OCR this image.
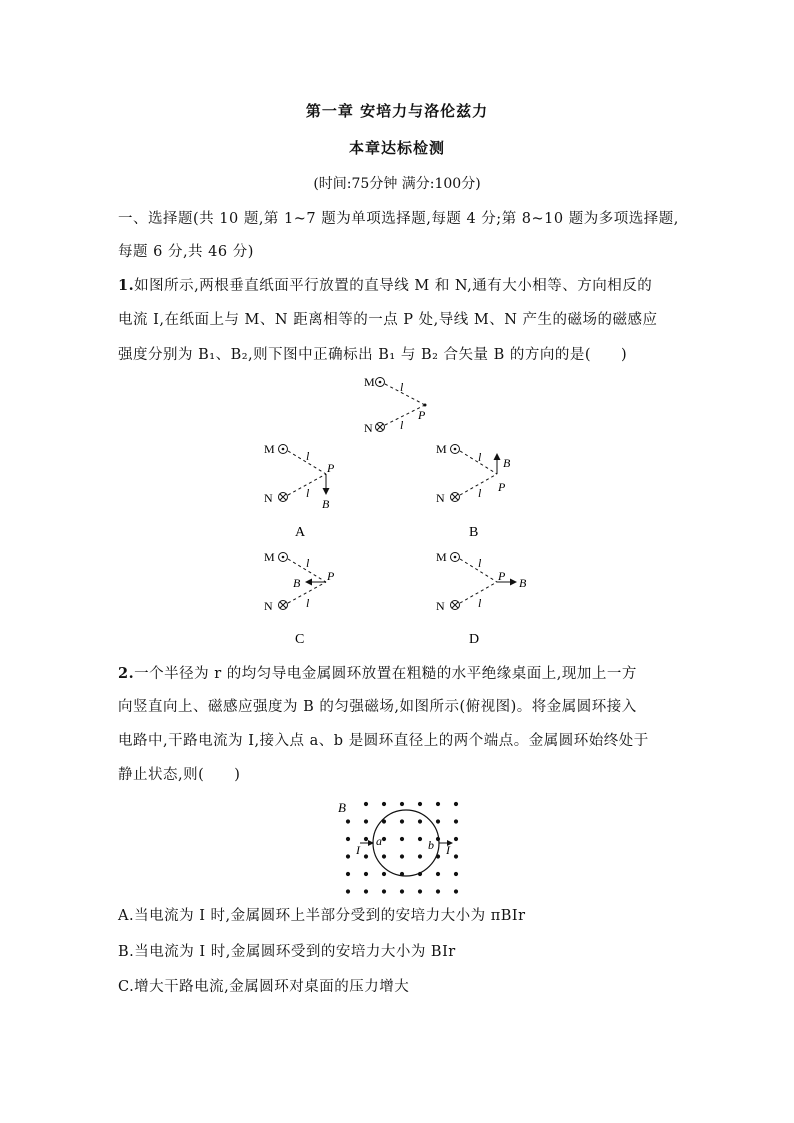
第一章 安培力与洛伦兹力
本章达标检测
(时间:75分钟 满分:100分)
一、选择题(共 10 题,第 1~7 题为单项选择题,每题 4 分;第 8~10 题为多项选择题,
每题 6 分,共 46 分)
1.如图所示,两根垂直纸面平行放置的直导线 M 和 N,通有大小相等、方向相反的
电流 I,在纸面上与 M、N 距离相等的一点 P 处,导线 M、N 产生的磁场的磁感应
强度分别为 B₁、B₂,则下图中正确标出 B₁ 与 B₂ 合矢量 B 的方向的是(　　)
M
N
l
l
P
M
N
l
l
P
B
A
M
N
l
l P
B
B
M
N
l
l
P
B
C
M
N
l
l
P B
D
2.一个半径为 r 的均匀导电金属圆环放置在粗糙的水平绝缘桌面上,现加上一方
向竖直向上、磁感应强度为 B 的匀强磁场,如图所示(俯视图)。将金属圆环接入
电路中,干路电流为 I,接入点 a、b 是圆环直径上的两个端点。金属圆环始终处于
静止状态,则(　　)
B
a	b
I	I
A.当电流为 I 时,金属圆环上半部分受到的安培力大小为 πBIr
B.当电流为 I 时,金属圆环受到的安培力大小为 BIr
C.增大干路电流,金属圆环对桌面的压力增大
